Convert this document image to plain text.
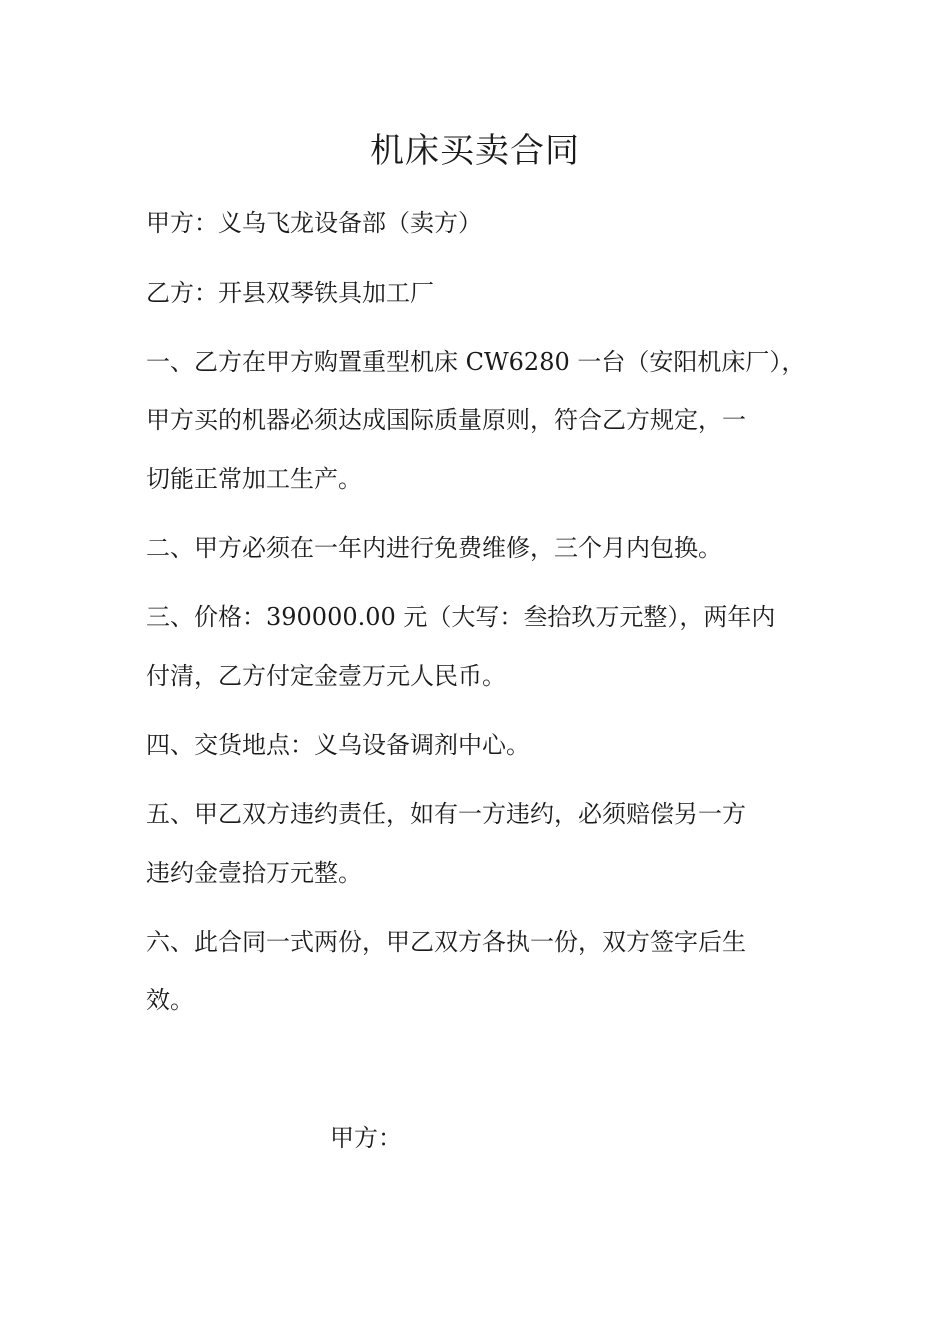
机床买卖合同
甲方：义乌飞龙设备部（卖方）
乙方：开县双琴铁具加工厂
一、乙方在甲方购置重型机床 CW6280 一台（安阳机床厂），
甲方买的机器必须达成国际质量原则，符合乙方规定，一
切能正常加工生产。
二、甲方必须在一年内进行免费维修，三个月内包换。
三、价格：390000.00 元（大写：叁拾玖万元整），两年内
付清，乙方付定金壹万元人民币。
四、交货地点：义乌设备调剂中心。
五、甲乙双方违约责任，如有一方违约，必须赔偿另一方
违约金壹拾万元整。
六、此合同一式两份，甲乙双方各执一份，双方签字后生
效。
甲方：
